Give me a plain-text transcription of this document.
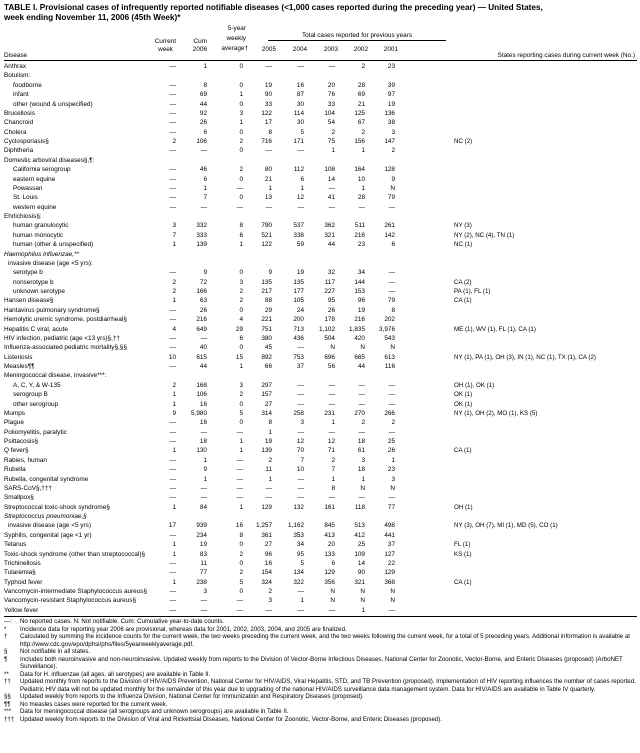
TABLE I. Provisional cases of infrequently reported notifiable diseases (<1,000 cases reported during the preceding year) — United States,
week ending November 11, 2006 (45th Week)*
Disease
Current
week
Cum
2006
5-year
weekly
average†
Total cases reported for previous years
2005	2004	2003 2002 2001
States reporting cases during current week (No.)
Anthrax	—	1	0	—	—	—	2	23
Botulism:
foodborne	—	8	0	19	16	20	28	39
infant	—	69	1	90	87	76	69	97
other (wound & unspecified)	—	44	0	33	30	33	21	19
Brucellosis	—	92	3	122	114	104	125	136
Chancroid	—	26	1	17	30	54	67	38
Cholera	—	6	0	8	5	2	2	3
Cyclosporiasis§	2	106	2	716	171	75	156	147	NC (2)
Diphtheria	—	—	0	—	—	1	1	2
Domestic arboviral diseases§,¶:
California serogroup	—	46	2	80	112	108	164	128
eastern equine	—	6	0	21	6	14	10	9
Powassan	—	1	—	1	1	—	1	N
St. Louis	—	7	0	13	12	41	28	79
western equine	—	—	—	—	—	—	—	—
Ehrlichiosis§:
human granulocytic	3	332	8	790	537	362	511	261	NY (3)
human monocytic	7	333	6	521	338	321	216	142	NY (2), NC (4), TN (1)
human (other & unspecified)	1	139	1	122	59	44	23	6	NC (1)
Haemophilus influenzae,**
invasive disease (age <5 yrs):
serotype b	—	9	0	9	19	32	34	—
nonserotype b	2	72	3	135	135	117	144	—	CA (2)
unknown serotype	2	166	2	217	177	227	153	—	PA (1), FL (1)
Hansen disease§	1	63	2	88	105	95	96	79	CA (1)
Hantavirus pulmonary syndrome§	—	26	0	29	24	26	19	8
Hemolytic uremic syndrome, postdiarrheal§	—	216	4	221	200	178	216	202
Hepatitis C viral, acute	4	649	29	751	713 1,102 1,835 3,976	ME (1), WV (1), FL (1), CA (1)
HIV infection, pediatric (age <13 yrs)§,††	—	—	6	380	436	504	420	543
Influenza-associated pediatric mortality§,§§	—	40	0	45	—	N	N	N
Listeriosis	10	615	15	892	753	696	665	613	NY (1), PA (1), OH (3), IN (1), NC (1), TX (1), CA (2)
Measles¶¶	—	44	1	66	37	56	44	116
Meningococcal disease, invasive***:
A, C, Y, & W-135	2	168	3	297	—	—	—	—	OH (1), OK (1)
serogroup B	1	106	2	157	—	—	—	—	OK (1)
other serogroup	1	16	0	27	—	—	—	—	OK (1)
Mumps	9 5,980	5	314	258	231	270	266	NY (1), OH (2), MO (1), KS (5)
Plague	—	16	0	8	3	1	2	2
Poliomyelitis, paralytic	—	—	—	1	—	—	—	—
Psittacosis§	—	18	1	19	12	12	18	25
Q fever§	1	130	1	139	70	71	61	26	CA (1)
Rabies, human	—	1	—	2	7	2	3	1
Rubella	—	9	—	11	10	7	18	23
Rubella, congenital syndrome	—	1	—	1	—	1	1	3
SARS-CoV§,†††	—	—	—	—	—	8	N	N
Smallpox§	—	—	—	—	—	—	—	—
Streptococcal toxic-shock syndrome§	1	84	1	129	132	161	118	77	OH (1)
Streptococcus pneumoniae,§
invasive disease (age <5 yrs)	17	939	16 1,257	1,162	845	513	498	NY (3), OH (7), MI (1), MD (5), CO (1)
Syphilis, congenital (age <1 yr)	—	234	8	361	353	413	412	441
Tetanus	1	19	0	27	34	20	25	37	FL (1)
Toxic-shock syndrome (other than streptococcal)§	1	83	2	96	95	133	109	127	KS (1)
Trichinellosis	—	11	0	16	5	6	14	22
Tularemia§	—	77	2	154	134	129	90	129
Typhoid fever	1	238	5	324	322	356	321	368	CA (1)
Vancomycin-intermediate Staphylococcus aureus§	—	3	0	2	—	N	N	N
Vancomycin-resistant Staphylococcus aureus§	—	—	—	3	1	N	N	N
Yellow fever	—	—	—	—	—	—	1	—
—:	No reported cases. N: Not notifiable. Cum: Cumulative year-to-date counts.
*	Incidence data for reporting year 2006 are provisional, whereas data for 2001, 2002, 2003, 2004, and 2005 are finalized.
†	Calculated by summing the incidence counts for the current week, the two weeks preceding the current week, and the two weeks following the current week, for a total of 5 preceding years. Additional information is available at http://www.cdc.gov/epo/dphsi/phs/files/5yearweeklyaverage.pdf.
§	Not notifiable in all states.
¶	Includes both neuroinvasive and non-neuroinvasive. Updated weekly from reports to the Division of Vector-Borne Infectious Diseases, National Center for Zoonotic, Vector-Borne, and Enteric Diseases (proposed) (ArboNET Surveillance).
**	Data for H. influenzae (all ages, all serotypes) are available in Table II.
††	Updated monthly from reports to the Division of HIV/AIDS Prevention, National Center for HIV/AIDS, Viral Hepatitis, STD, and TB Prevention (proposed). Implementation of HIV reporting influences the number of cases reported. Pediatric HIV data will not be updated monthly for the remainder of this year due to upgrading of the national HIV/AIDS surveillance data management system. Data for HIV/AIDS are available in Table IV quarterly.
§§	Updated weekly from reports to the Influenza Division, National Center for Immunization and Respiratory Diseases (proposed).
¶¶	No measles cases were reported for the current week.
***	Data for meningococcal disease (all serogroups and unknown serogroups) are available in Table II.
††† Updated weekly from reports to the Division of Viral and Rickettsial Diseases, National Center for Zoonotic, Vector-Borne, and Enteric Diseases (proposed).
